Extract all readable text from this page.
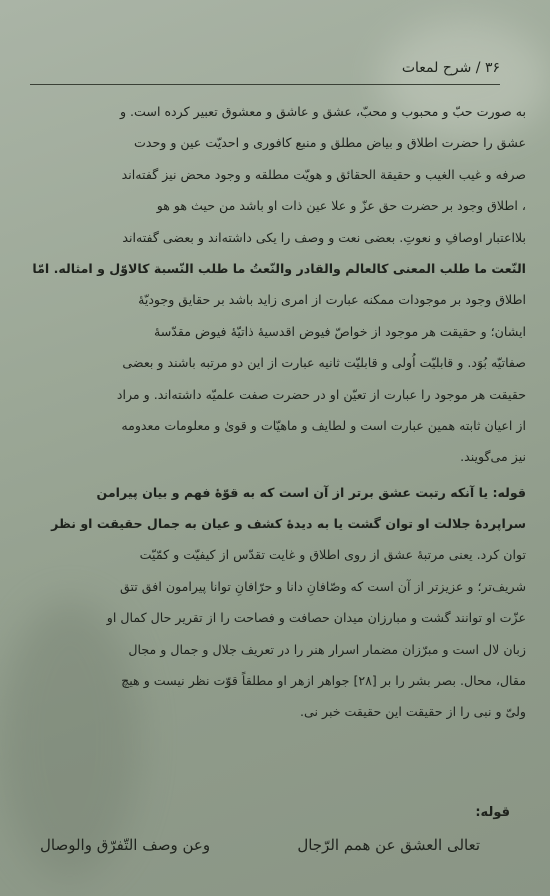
۳۶ / شرح لمعات
به صورت حبّ و محبوب و محبّ، عشق و عاشق و معشوق تعبیر کرده است. و
عشق را حضرت اطلاق و بیاض مطلق و منبع کافوری و احدیّت عین و وحدت
صرفه و غیب الغیب و حقیقة الحقائق و هویّت مطلقه و وجود محض نیز گفته‌اند
، اطلاق وجود بر حضرت حق عزّ و علا عین ذات او باشد من حیث هو هو
بلااعتبار اوصافِ و نعوتِ. بعضی نعت و وصف را یکی داشته‌اند و بعضی گفته‌اند
النّعت ما طلب المعنی کالعالم والقادر والنّعتُ ما طلب النّسبة کالاوّل و امثاله. امّا
اطلاق وجود بر موجودات ممکنه عبارت از امری زاید باشد بر حقایق وجودیّهٔ
ایشان؛ و حقیقت هر موجود از خواصّ فیوض اقدسیهٔ ذاتیّهٔ فیوض مقدّسهٔ
صفاتیّه بُوَد. و قابلیّت اُولی و قابلیّت ثانیه عبارت از این دو مرتبه باشند و بعضی
حقیقت هر موجود را عبارت از تعیّن او در حضرت صفت علمیّه داشته‌اند. و مراد
از اعیان ثابته همین عبارت است و لطایف و ماهیّات و قویٰ و معلومات معدومه
نیز می‌گویند.
قوله: یا آنکه رتبت عشق برتر از آن است که به قوّهٔ فهم و بیان پیرامن
سراپردهٔ جلالت او توان گشت یا به دیدهٔ کشف و عیان به جمال حقیقت او نظر
توان کرد. یعنی مرتبهٔ عشق از روی اطلاق و غایت تقدّس از کیفیّت و کمّیّت
شریف‌تر؛ و عزیزتر از آن است که وصّافانِ دانا و حرّافانِ توانا پیرامون افق تتق
عزّت او توانند گشت و مبارزان میدان حصافت و فصاحت را از تقریر حال کمال او
زبان لال است و مبرّزان مضمار اسرار هنر را در تعریف جلال و جمال و مجال
مقال، محال. بصر بشر را بر [۲۸] جواهر ازهر او مطلقاً قوّت نظر نیست و هیچ
ولیّ و نبی را از حقیقت این حقیقت خبر نی.
قوله:
تعالی العشق عن همم الرّجال
وعن وصف التّفرّق والوصال
